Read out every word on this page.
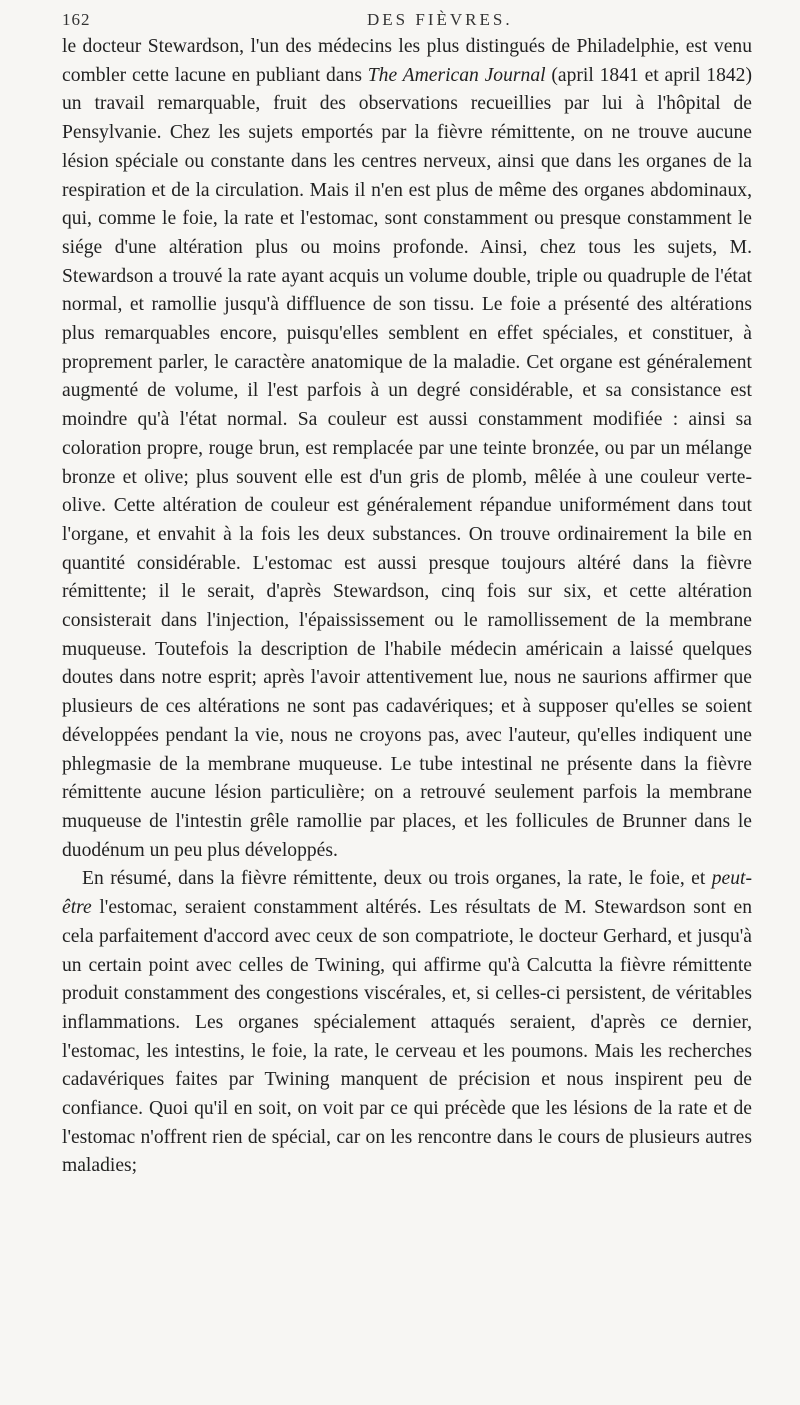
162	DES FIÈVRES.

le docteur Stewardson, l'un des médecins les plus distingués de Philadelphie, est venu combler cette lacune en publiant dans The American Journal (april 1841 et april 1842) un travail remarquable, fruit des observations recueillies par lui à l'hôpital de Pensylvanie. Chez les sujets emportés par la fièvre rémittente, on ne trouve aucune lésion spéciale ou constante dans les centres nerveux, ainsi que dans les organes de la respiration et de la circulation. Mais il n'en est plus de même des organes abdominaux, qui, comme le foie, la rate et l'estomac, sont constamment ou presque constamment le siége d'une altération plus ou moins profonde. Ainsi, chez tous les sujets, M. Stewardson a trouvé la rate ayant acquis un volume double, triple ou quadruple de l'état normal, et ramollie jusqu'à diffluence de son tissu. Le foie a présenté des altérations plus remarquables encore, puisqu'elles semblent en effet spéciales, et constituer, à proprement parler, le caractère anatomique de la maladie. Cet organe est généralement augmenté de volume, il l'est parfois à un degré considérable, et sa consistance est moindre qu'à l'état normal. Sa couleur est aussi constamment modifiée : ainsi sa coloration propre, rouge brun, est remplacée par une teinte bronzée, ou par un mélange bronze et olive; plus souvent elle est d'un gris de plomb, mêlée à une couleur verte-olive. Cette altération de couleur est généralement répandue uniformément dans tout l'organe, et envahit à la fois les deux substances. On trouve ordinairement la bile en quantité considérable. L'estomac est aussi presque toujours altéré dans la fièvre rémittente; il le serait, d'après Stewardson, cinq fois sur six, et cette altération consisterait dans l'injection, l'épaississement ou le ramollissement de la membrane muqueuse. Toutefois la description de l'habile médecin américain a laissé quelques doutes dans notre esprit; après l'avoir attentivement lue, nous ne saurions affirmer que plusieurs de ces altérations ne sont pas cadavériques; et à supposer qu'elles se soient développées pendant la vie, nous ne croyons pas, avec l'auteur, qu'elles indiquent une phlegmasie de la membrane muqueuse. Le tube intestinal ne présente dans la fièvre rémittente aucune lésion particulière; on a retrouvé seulement parfois la membrane muqueuse de l'intestin grêle ramollie par places, et les follicules de Brunner dans le duodénum un peu plus développés.

En résumé, dans la fièvre rémittente, deux ou trois organes, la rate, le foie, et peut-être l'estomac, seraient constamment altérés. Les résultats de M. Stewardson sont en cela parfaitement d'accord avec ceux de son compatriote, le docteur Gerhard, et jusqu'à un certain point avec celles de Twining, qui affirme qu'à Calcutta la fièvre rémittente produit constamment des congestions viscérales, et, si celles-ci persistent, de véritables inflammations. Les organes spécialement attaqués seraient, d'après ce dernier, l'estomac, les intestins, le foie, la rate, le cerveau et les poumons. Mais les recherches cadavériques faites par Twining manquent de précision et nous inspirent peu de confiance. Quoi qu'il en soit, on voit par ce qui précède que les lésions de la rate et de l'estomac n'offrent rien de spécial, car on les rencontre dans le cours de plusieurs autres maladies;
